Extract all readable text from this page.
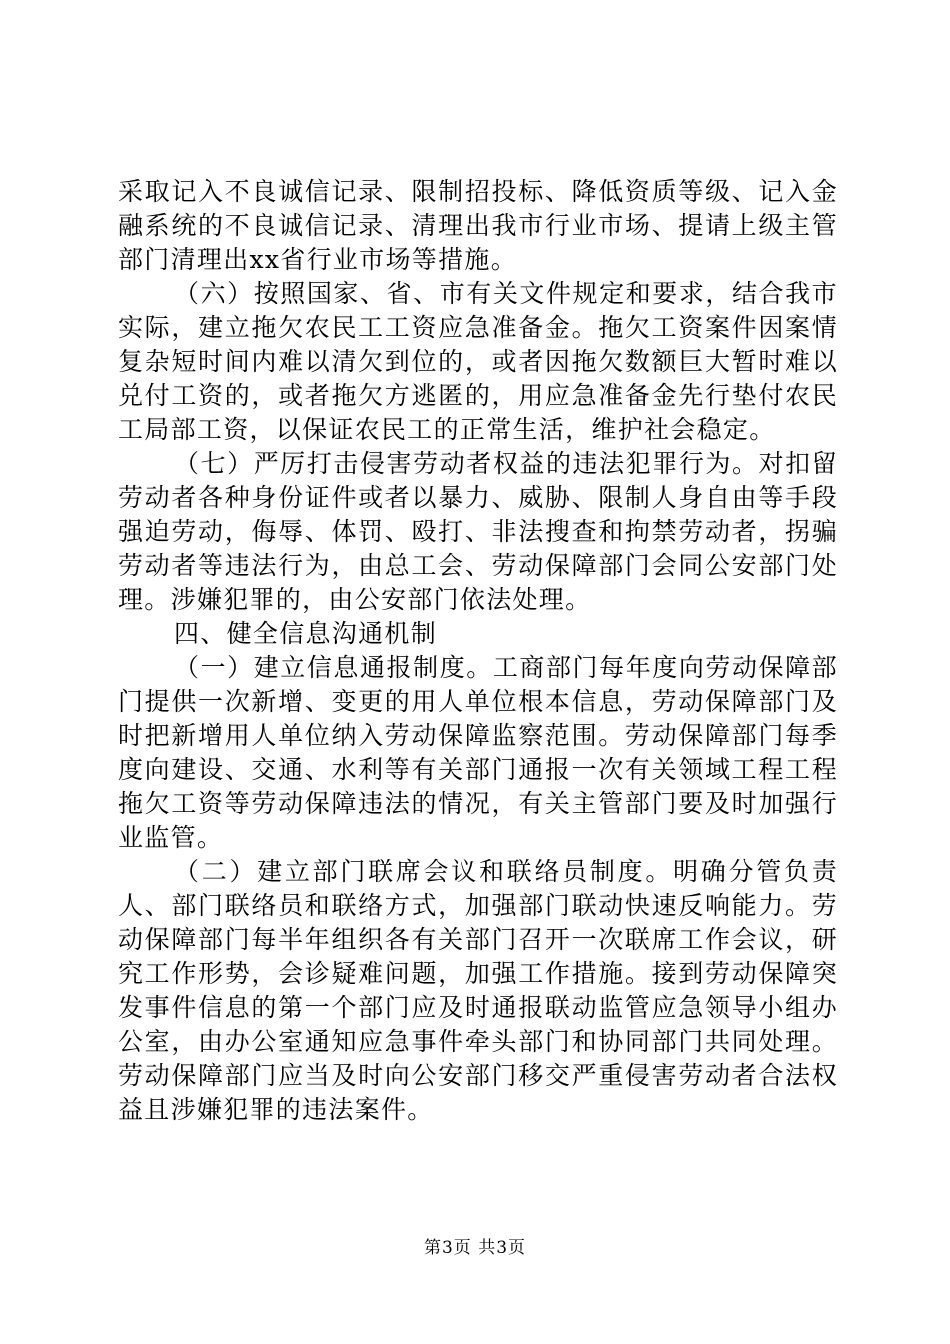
采取记入不良诚信记录、限制招投标、降低资质等级、记入金融系统的不良诚信记录、清理出我市行业市场、提请上级主管部门清理出xx省行业市场等措施。

（六）按照国家、省、市有关文件规定和要求，结合我市实际，建立拖欠农民工工资应急准备金。拖欠工资案件因案情复杂短时间内难以清欠到位的，或者因拖欠数额巨大暂时难以兑付工资的，或者拖欠方逃匿的，用应急准备金先行垫付农民工局部工资，以保证农民工的正常生活，维护社会稳定。

（七）严厉打击侵害劳动者权益的违法犯罪行为。对扣留劳动者各种身份证件或者以暴力、威胁、限制人身自由等手段强迫劳动，侮辱、体罚、殴打、非法搜查和拘禁劳动者，拐骗劳动者等违法行为，由总工会、劳动保障部门会同公安部门处理。涉嫌犯罪的，由公安部门依法处理。

四、健全信息沟通机制

（一）建立信息通报制度。工商部门每年度向劳动保障部门提供一次新增、变更的用人单位根本信息，劳动保障部门及时把新增用人单位纳入劳动保障监察范围。劳动保障部门每季度向建设、交通、水利等有关部门通报一次有关领域工程工程拖欠工资等劳动保障违法的情况，有关主管部门要及时加强行业监管。

（二）建立部门联席会议和联络员制度。明确分管负责人、部门联络员和联络方式，加强部门联动快速反响能力。劳动保障部门每半年组织各有关部门召开一次联席工作会议，研究工作形势，会诊疑难问题，加强工作措施。接到劳动保障突发事件信息的第一个部门应及时通报联动监管应急领导小组办公室，由办公室通知应急事件牵头部门和协同部门共同处理。劳动保障部门应当及时向公安部门移交严重侵害劳动者合法权益且涉嫌犯罪的违法案件。

第3页 共3页
